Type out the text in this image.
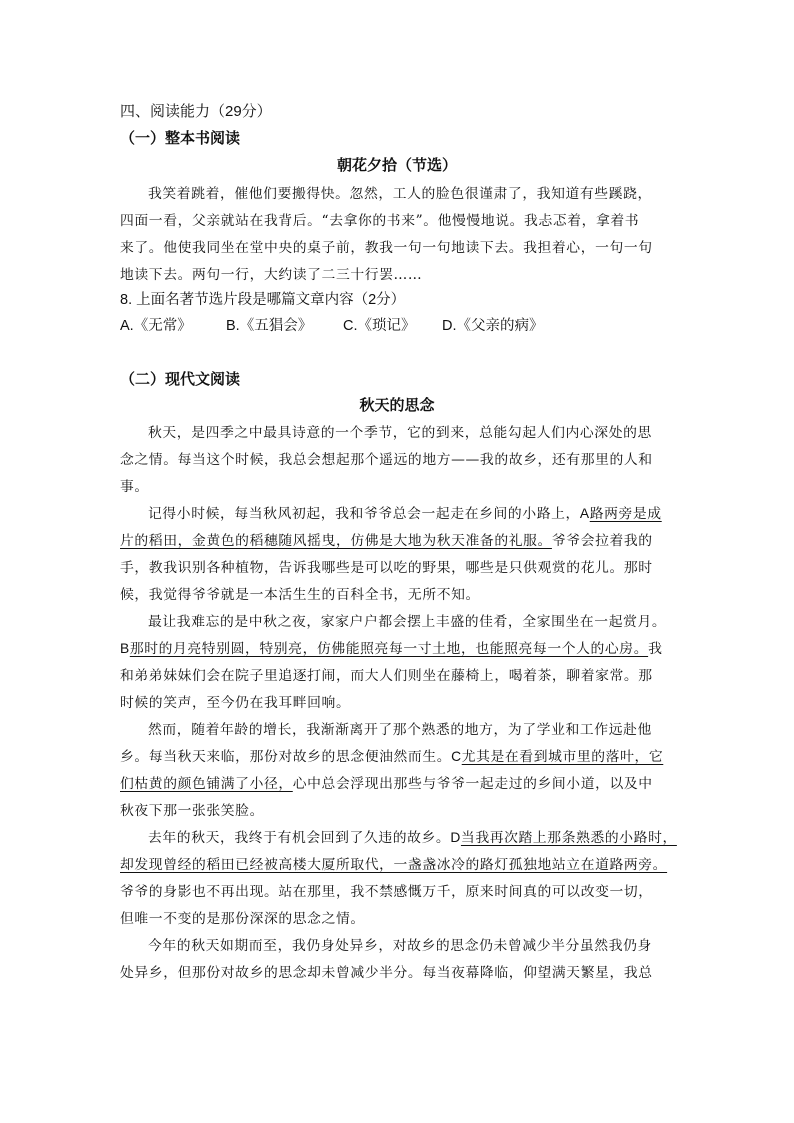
四、阅读能力（29分）
（一）整本书阅读
朝花夕拾（节选）
我笑着跳着，催他们要搬得快。忽然，工人的脸色很谨肃了，我知道有些蹊跷，
四面一看，父亲就站在我背后。“去拿你的书来”。他慢慢地说。我忐忑着，拿着书
来了。他使我同坐在堂中央的桌子前，教我一句一句地读下去。我担着心，一句一句
地读下去。两句一行，大约读了二三十行罢……
8. 上面名著节选片段是哪篇文章内容（2分）
A.《无常》 B.《五猖会》 C.《琐记》 D.《父亲的病》
（二）现代文阅读
秋天的思念
秋天，是四季之中最具诗意的一个季节，它的到来，总能勾起人们内心深处的思
念之情。每当这个时候，我总会想起那个遥远的地方——我的故乡，还有那里的人和
事。
记得小时候，每当秋风初起，我和爷爷总会一起走在乡间的小路上，A路两旁是成
片的稻田，金黄色的稻穗随风摇曳，仿佛是大地为秋天准备的礼服。爷爷会拉着我的
手，教我识别各种植物，告诉我哪些是可以吃的野果，哪些是只供观赏的花儿。那时
候，我觉得爷爷就是一本活生生的百科全书，无所不知。
最让我难忘的是中秋之夜，家家户户都会摆上丰盛的佳肴，全家围坐在一起赏月。
B那时的月亮特别圆，特别亮，仿佛能照亮每一寸土地，也能照亮每一个人的心房。我
和弟弟妹妹们会在院子里追逐打闹，而大人们则坐在藤椅上，喝着茶，聊着家常。那
时候的笑声，至今仍在我耳畔回响。
然而，随着年龄的增长，我渐渐离开了那个熟悉的地方，为了学业和工作远赴他
乡。每当秋天来临，那份对故乡的思念便油然而生。C尤其是在看到城市里的落叶，它
们枯黄的颜色铺满了小径，心中总会浮现出那些与爷爷一起走过的乡间小道，以及中
秋夜下那一张张笑脸。
去年的秋天，我终于有机会回到了久违的故乡。D当我再次踏上那条熟悉的小路时，
却发现曾经的稻田已经被高楼大厦所取代，一盏盏冰冷的路灯孤独地站立在道路两旁。
爷爷的身影也不再出现。站在那里，我不禁感慨万千，原来时间真的可以改变一切，
但唯一不变的是那份深深的思念之情。
今年的秋天如期而至，我仍身处异乡，对故乡的思念仍未曾减少半分虽然我仍身
处异乡，但那份对故乡的思念却未曾减少半分。每当夜幕降临，仰望满天繁星，我总
